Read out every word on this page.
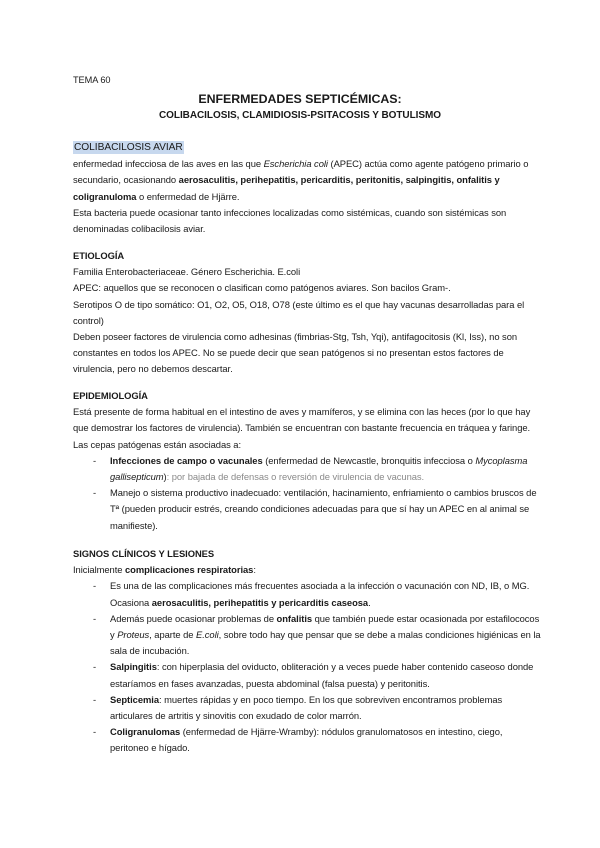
TEMA 60
ENFERMEDADES SEPTICÉMICAS:
COLIBACILOSIS, CLAMIDIOSIS-PSITACOSIS Y BOTULISMO
COLIBACILOSIS AVIAR

enfermedad infecciosa de las aves en las que Escherichia coli (APEC) actúa como agente patógeno primario o secundario, ocasionando aerosaculitis, perihepatitis, pericarditis, peritonitis, salpingitis, onfalitis y coligranuloma o enfermedad de Hjärre.

Esta bacteria puede ocasionar tanto infecciones localizadas como sistémicas, cuando son sistémicas son denominadas colibacilosis aviar.

ETIOLOGÍA

Familia Enterobacteriaceae. Género Escherichia. E.coli

APEC: aquellos que se reconocen o clasifican como patógenos aviares. Son bacilos Gram-.

Serotipos O de tipo somático: O1, O2, O5, O18, O78 (este último es el que hay vacunas desarrolladas para el control)

Deben poseer factores de virulencia como adhesinas (fimbrias-Stg, Tsh, Yqi), antifagocitosis (Kl, Iss), no son constantes en todos los APEC. No se puede decir que sean patógenos si no presentan estos factores de virulencia, pero no debemos descartar.

EPIDEMIOLOGÍA

Está presente de forma habitual en el intestino de aves y mamíferos, y se elimina con las heces (por lo que hay que demostrar los factores de virulencia). También se encuentran con bastante frecuencia en tráquea y faringe. Las cepas patógenas están asociadas a:

- Infecciones de campo o vacunales (enfermedad de Newcastle, bronquitis infecciosa o Mycoplasma gallisepticum): por bajada de defensas o reversión de virulencia de vacunas.
- Manejo o sistema productivo inadecuado: ventilación, hacinamiento, enfriamiento o cambios bruscos de Tª (pueden producir estrés, creando condiciones adecuadas para que sí hay un APEC en al animal se manifieste).
SIGNOS CLÍNICOS Y LESIONES

Inicialmente complicaciones respiratorias:

- Es una de las complicaciones más frecuentes asociada a la infección o vacunación con ND, IB, o MG. Ocasiona aerosaculitis, perihepatitis y pericarditis caseosa.
- Además puede ocasionar problemas de onfalitis que también puede estar ocasionada por estafilococos y Proteus, aparte de E.coli, sobre todo hay que pensar que se debe a malas condiciones higiénicas en la sala de incubación.
- Salpingitis: con hiperplasia del oviducto, obliteración y a veces puede haber contenido caseoso donde estaríamos en fases avanzadas, puesta abdominal (falsa puesta) y peritonitis.
- Septicemia: muertes rápidas y en poco tiempo. En los que sobreviven encontramos problemas articulares de artritis y sinovitis con exudado de color marrón.
- Coligranulomas (enfermedad de Hjärre-Wramby): nódulos granulomatosos en intestino, ciego, peritoneo e hígado.
